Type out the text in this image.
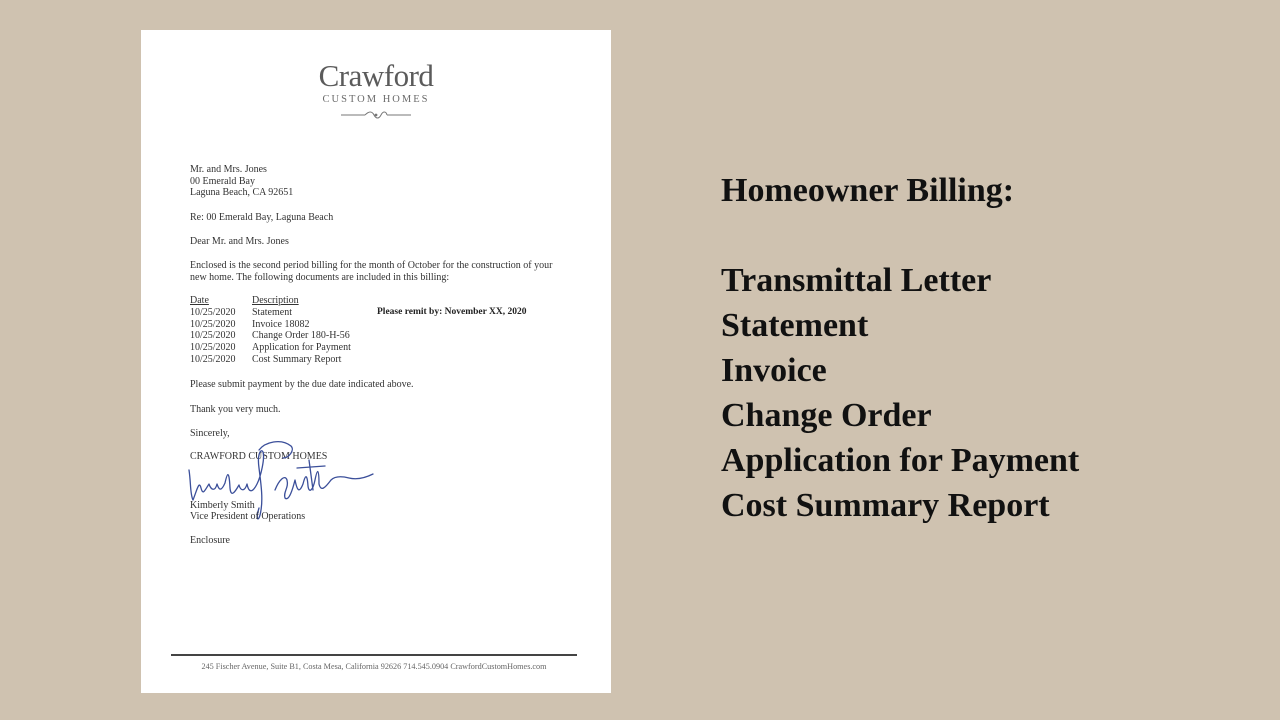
Crawford
CUSTOM HOMES
Mr. and Mrs. Jones
00 Emerald Bay
Laguna Beach, CA 92651
Re: 00 Emerald Bay, Laguna Beach
Dear Mr. and Mrs. Jones
Enclosed is the second period billing for the month of October for the construction of your new home. The following documents are included in this billing:
Date	Description
10/25/2020	Statement
10/25/2020	Invoice 18082
10/25/2020	Change Order 180-H-56
10/25/2020	Application for Payment
10/25/2020	Cost Summary Report
Please remit by: November XX, 2020
Please submit payment by the due date indicated above.
Thank you very much.
Sincerely,
CRAWFORD CUSTOM HOMES
Kimberly Smith
Vice President of Operations
Enclosure
245 Fischer Avenue, Suite B1, Costa Mesa, California 92626 714.545.0904 CrawfordCustomHomes.com
Homeowner Billing:
Transmittal Letter
Statement
Invoice
Change Order
Application for Payment
Cost Summary Report
